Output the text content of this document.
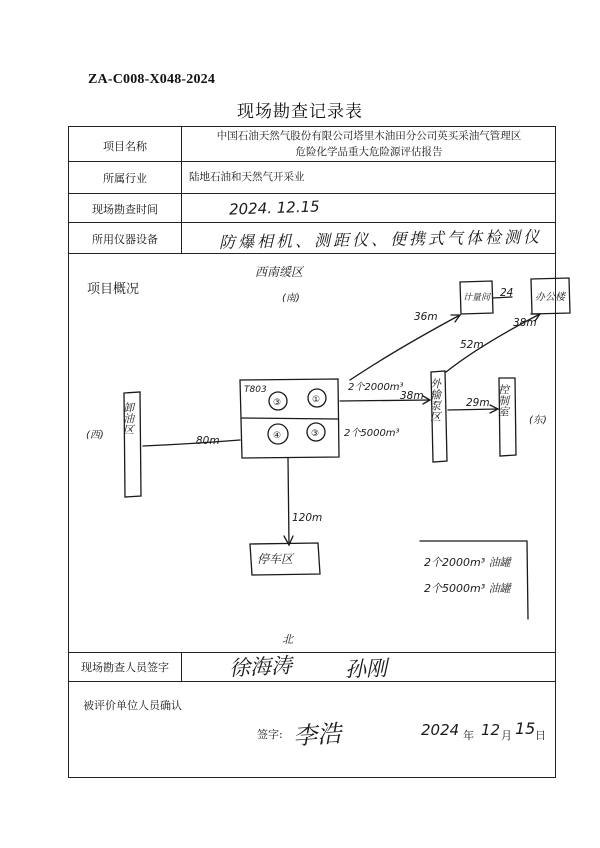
ZA-C008-X048-2024
现场勘查记录表
项目名称
中国石油天然气股份有限公司塔里木油田分公司英买采油气管理区
危险化学品重大危险源评估报告
所属行业	陆地石油和天然气开采业
现场勘查时间	2024. 12.15
所用仪器设备	防爆相机、测距仪、便携式气体检测仪
项目概况
现场勘查人员签字	徐海涛 孙刚
被评价单位人员确认
签字: 李浩	2024 年 12 月 15 日
西南缓区
(南)
(西)
(东)
北
卸油区
T803
③	①
④	③
外输泵区	控制室
计量间	办公楼
停车区
80m
120m
36m
52m
38m
38m
29m
24
2个2000m³
2个5000m³
2个2000m³ 油罐
2个5000m³ 油罐
